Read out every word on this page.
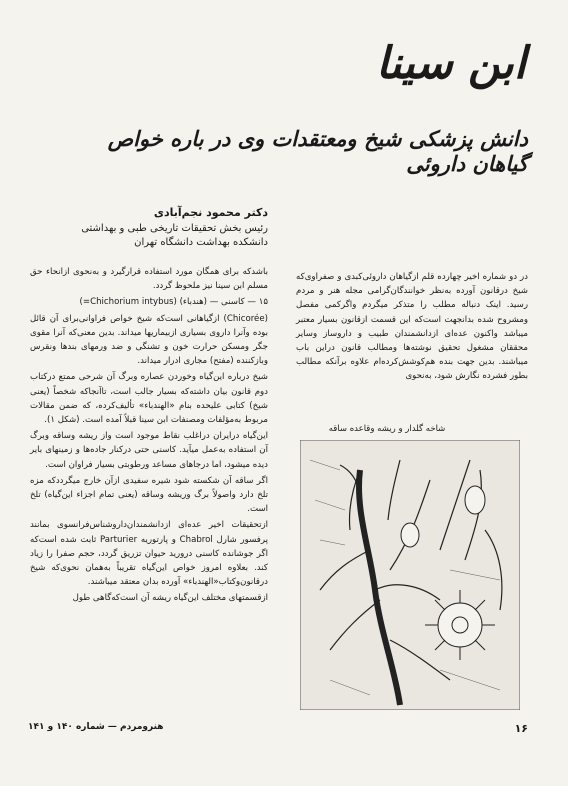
ابن سینا
دانش پزشکی شیخ ومعتقدات وی در باره خواص گیاهان داروئی
دکتر محمود نجم‌آبادی
رئیس بخش تحقیقات تاریخی طبی و بهداشتی
دانشکده بهداشت دانشگاه تهران

در دو شماره اخیر چهارده قلم ازگیاهان داروئی‌کبدی و صفراوی‌که شیخ درقانون آورده به‌نظر خوانندگان‌گرامی مجله هنر و مردم رسید. اینک دنباله مطلب را متذکر میگردم واگرکمی مفصل ومشروح شده بدانجهت است‌که این قسمت ازقانون بسیار معتبر میباشد واکنون عده‌ای ازدانشمندان طبیب و داروساز وسایر محققان مشغول تحقیق نوشته‌ها ومطالب قانون دراین باب میباشند. بدین جهت بنده هم‌کوشش‌کرده‌ام علاوه برآنکه مطالب بطور فشرده نگارش شود، به‌نحوی

شاخه گلدار و ریشه وقاعده ساقه

باشدکه برای همگان مورد استفاده قرارگیرد و به‌نحوی ازانحاء حق مسلم ابن سینا نیز ملحوظ گردد.

۱۵ — کاسنی — (هندباء) (Chichorium intybus=)

(Chicorée) ازگیاهانی است‌که شیخ خواص فراوانی‌برای آن قائل بوده وآنرا داروی بسیاری ازبیماریها میداند. بدین معنی‌که آنرا مقوی جگر ومسکن حرارت خون و تشنگی و ضد ورمهای بندها ونقرس وبازکننده (مفتح) مجاری ادرار میداند.

شیخ درباره این‌گیاه وخوردن عصاره وبرگ آن شرحی ممتع درکتاب دوم قانون بیان داشته‌که بسیار جالب است، تاآنجاکه شخصاً (یعنی شیخ) کتابی علیحده بنام «الهندباء» تألیف‌کرده، که ضمن مقالات مربوط به‌مؤلفات ومصنفات ابن سینا قبلاً آمده است. (شکل ۱).

این‌گیاه درایران دراغلب نقاط موجود است واز ریشه وساقه وبرگ آن استفاده به‌عمل میآید. کاسنی حتی درکنار جاده‌ها و زمینهای بایر دیده میشود، اما درجاهای مساعد ورطوبتی بسیار فراوان است.

اگر ساقه آن شکسته شود شیره سفیدی ازآن خارج میگرددکه مزه تلخ دارد واصولاً برگ وریشه وساقه (یعنی تمام اجزاء این‌گیاه) تلخ است.

ازتحقیقات اخیر عده‌ای ازدانشمندان‌داروشناس‌فرانسوی بمانند پرفسور شارل Chabrol و پارتوریه Parturier ثابت شده است‌که اگر جوشانده کاسنی درورید حیوان تزریق گردد، حجم صفرا را زیاد کند. بعلاوه امروز خواص این‌گیاه تقریباً به‌همان نحوی‌که شیخ درقانون‌وکتاب«الهندباء» آورده بدان معتقد میباشند.

ازقسمتهای مختلف این‌گیاه ریشه آن است‌که‌گاهی طول

هنرومردم — شماره ۱۴۰ و ۱۴۱	۱۶
